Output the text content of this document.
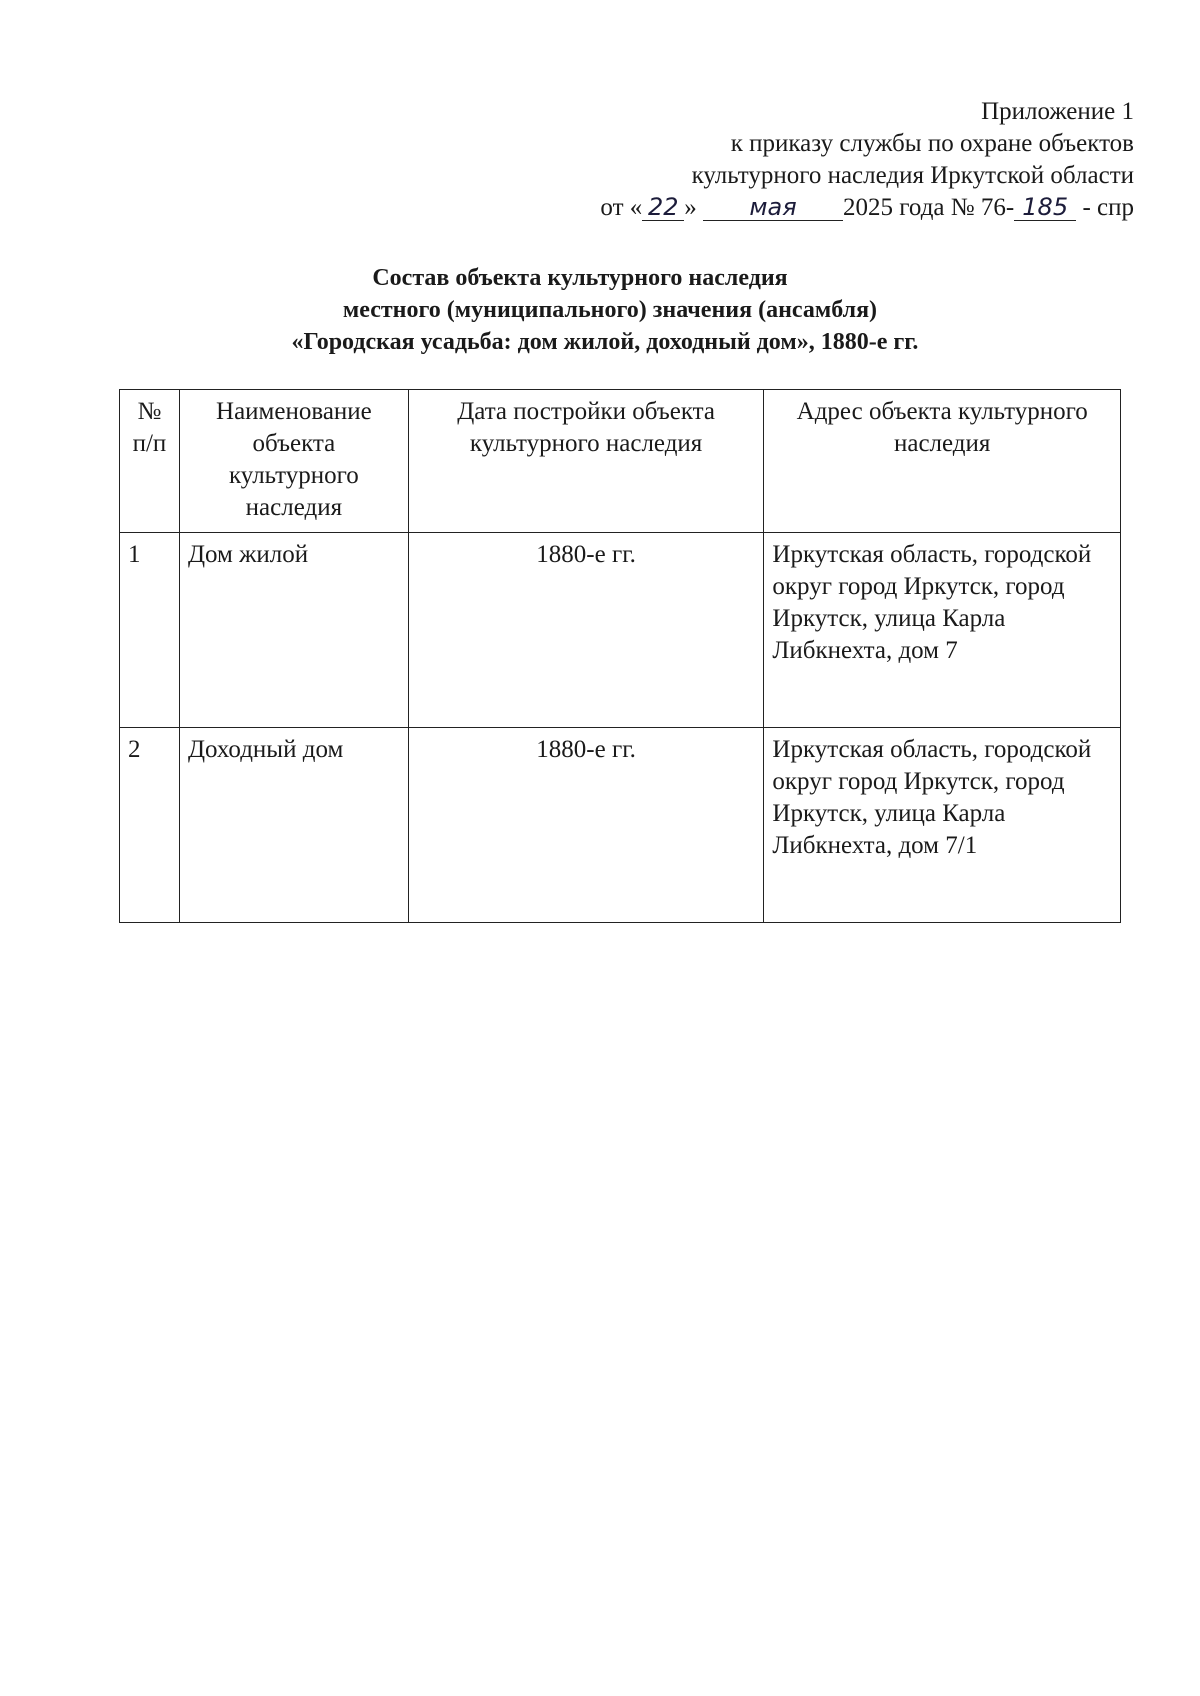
Приложение 1
к приказу службы по охране объектов
культурного наследия Иркутской области
от « 22 » мая 2025 года № 76- 185 - спр
Состав объекта культурного наследия
местного (муниципального) значения (ансамбля)
«Городская усадьба: дом жилой, доходный дом», 1880-е гг.
№ п/п	Наименование объекта культурного наследия	Дата постройки объекта культурного наследия	Адрес объекта культурного наследия
1	Дом жилой	1880-е гг.	Иркутская область, городской округ город Иркутск, город Иркутск, улица Карла Либкнехта, дом 7
2	Доходный дом	1880-е гг.	Иркутская область, городской округ город Иркутск, город Иркутск, улица Карла Либкнехта, дом 7/1
